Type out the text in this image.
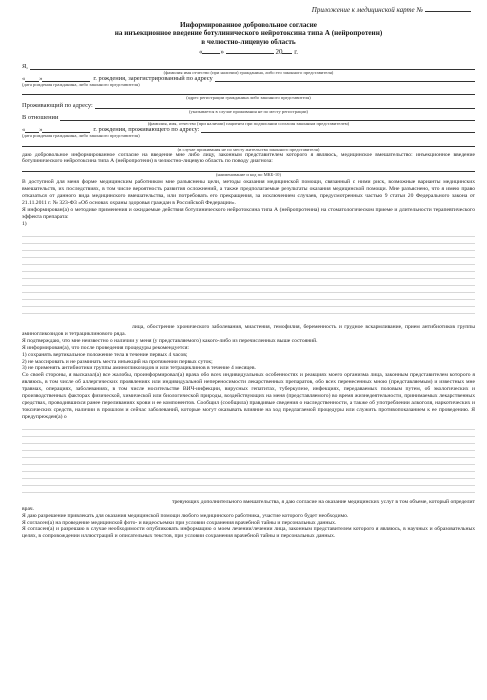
Приложение к медицинской карте №
Информированное добровольное согласие
на инъекционное введение ботулинического нейротоксина типа А (нейропротеин)
в челюстно-лицевую область
«	»	20 г.
Я,
(фамилия имя отчество (при наличии) гражданина, либо его законного представителя)
« »	г. рождения, зарегистрированный по адресу
(дата рождения гражданина, либо законного представителя)
(адрес регистрации гражданина либо законного представителя)
Проживающий по адресу:
(указывается в случае проживания не по месту регистрации)
В отношении
(фамилия, имя, отчество (при наличии) пациента при подписании согласия законным представителем)
« »	г. рождения, проживающего по адресу:
(дата рождения гражданина, либо законного представителя)
(в случае проживания не по месту жительства законного представителя)
даю добровольное информированное согласие на введение мне либо лицу, законным представителем которого я являюсь, медицинское вмешательство: инъекционное введение ботулинического нейротоксина типа А (нейропротеин) в челюстно-лицевую область по поводу диагноза:
(наименование и код по МКБ-10)
В доступной для меня форме медицинским работником мне разъяснены цели, методы оказания медицинской помощи, связанный с ними риск, возможные варианты медицинских вмешательств, их последствиях, в том числе вероятность развития осложнений, а также предполагаемые результаты оказания медицинской помощи. Мне разъяснено, что я имею право отказаться от данного вида медицинского вмешательства, или потребовать его прекращения, за исключением случаев, предусмотренных частью 9 статьи 20 Федерального закона от 21.11.2011 г. № 323-Ф3 «Об основах охраны здоровья граждан в Российской Федерации».
Я информирован(а) о методике применения и ожидаемые действия ботулинического нейротоксина типа А (нейропротеина) на стоматологическом приеме и длительности терапевтического эффекта препарата:
1)
лица, обострение хронического заболевания, миастения, гемофилия, беременность и грудное вскармливание, прием антибиотиков группы аминогликозидов и тетрациклинового ряда.
Я подтверждаю, что мне неизвестно о наличии у меня (у представляемого) какого-либо из перечисленных выше состояний.
Я информирован(а), что после проведения процедуры рекомендуется:
1) сохранять вертикальное положение тела в течение первых 4 часов;
2) не массировать и не разминать места инъекций на протяжении первых суток;
3) не применять антибиотики группы аминогликозидов и или тетрациклинов в течение 4 месяцев.
Со своей стороны, я высказал(а) все жалобы, проинформировал(а) врача обо всех индивидуальных особенностях и реакциях моего организма лица, законным представителем которого я являюсь, в том числе об аллергических проявлениях или индивидуальной непереносимости лекарственных препаратов, обо всех перенесенных мною (представляемым) и известных мне травмах, операциях, заболеваниях, в том числе носительстве ВИЧ-инфекции, вирусных гепатитах, туберкулезе, инфекциях, передаваемых половым путем, об экологических и производственных факторах физической, химической или биологической природы, воздействующих на меня (представляемого) во время жизнедеятельности, принимаемых лекарственных средствах, проводившихся ранее переливаниях крови и ее компонентов. Сообщил (сообщила) правдивые сведения о наследственности, а также об употреблении алкоголя, наркотических и токсических средств, наличии в прошлом и сейчас заболеваний, которые могут оказывать влияние на ход предлагаемой процедуры или служить противопоказанием к ее проведению. Я предупрежден(а) о
тревующих дополнительного вмешательства, я даю согласие на оказание медицинских услуг в том объеме, который определит врач.
Я даю разрешение привлекать для оказания медицинской помощи любого медицинского работника, участие которого будет необходимо.
Я согласен(а) на проведение медицинской фото- и видеосъемки при условии сохранения врачебной тайны и персональных данных.
Я согласен(а) и разрешаю в случае необходимости опубликовать информацию о моем лечении/лечении лица, законным представителем которого я являюсь, в научных и образовательных целях, в сопровождении иллюстраций и описательных текстов, при условии сохранения врачебной тайны и персональных данных.
